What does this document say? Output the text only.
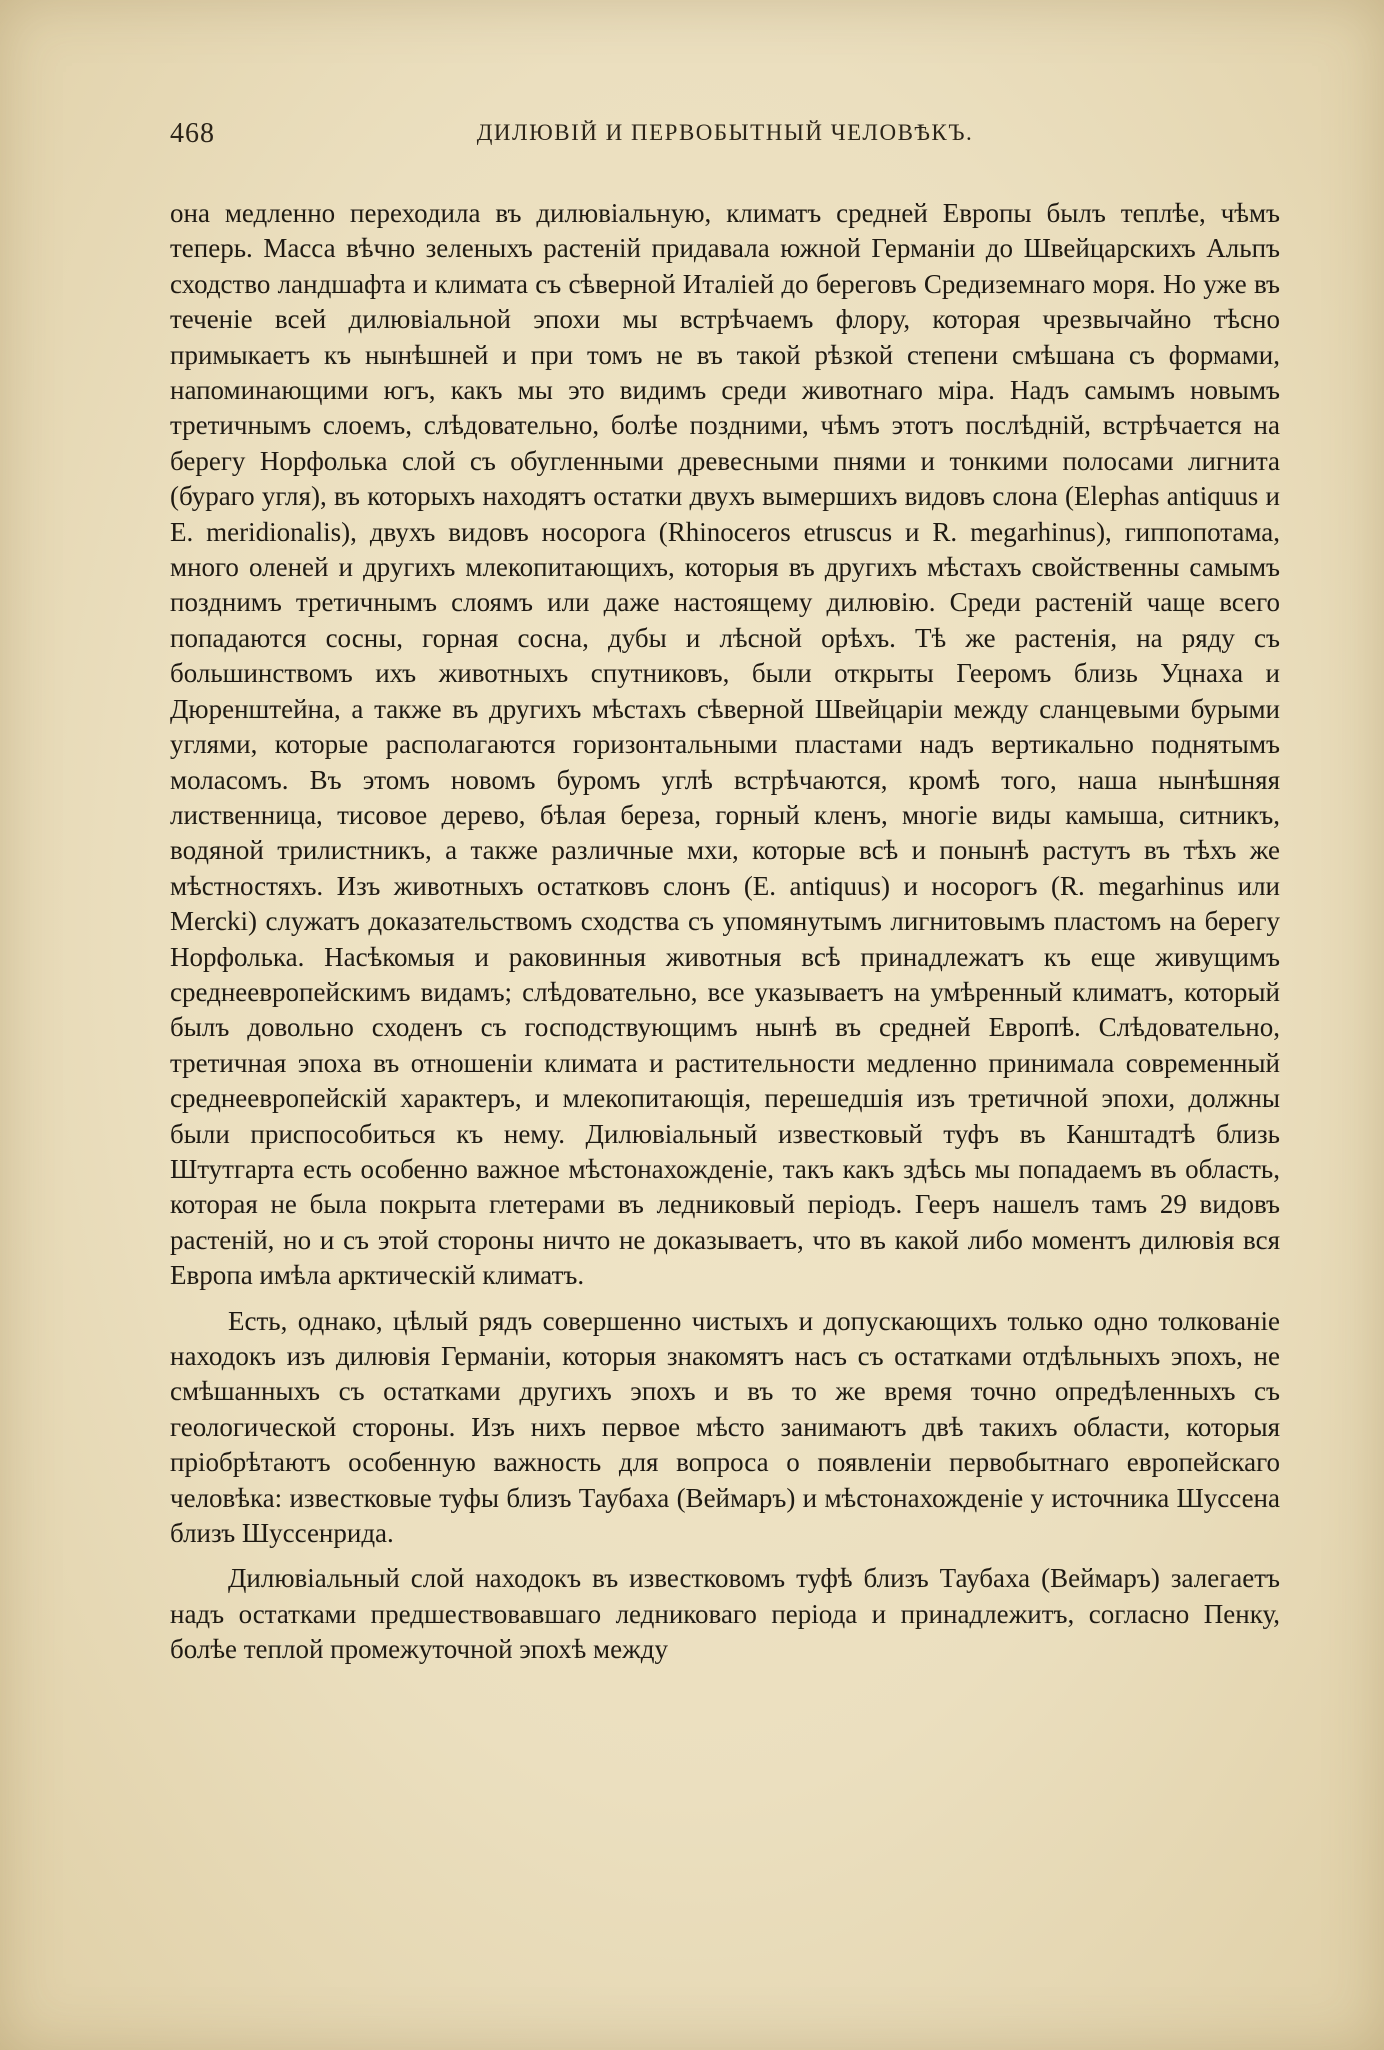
468	ДИЛЮВІЙ И ПЕРВОБЫТНЫЙ ЧЕЛОВѢКЪ.

она медленно переходила въ дилювіальную, климатъ средней Европы былъ теплѣе, чѣмъ теперь. Масса вѣчно зеленыхъ растеній придавала южной Германіи до Швейцарскихъ Альпъ сходство ландшафта и климата съ сѣверной Италіей до береговъ Средиземнаго моря. Но уже въ теченіе всей дилювіальной эпохи мы встрѣчаемъ флору, которая чрезвычайно тѣсно примыкаетъ къ нынѣшней и при томъ не въ такой рѣзкой степени смѣшана съ формами, напоминающими югъ, какъ мы это видимъ среди животнаго міра. Надъ самымъ новымъ третичнымъ слоемъ, слѣдовательно, болѣе поздними, чѣмъ этотъ послѣдній, встрѣчается на берегу Норфолька слой съ обугленными древесными пнями и тонкими полосами лигнита (бураго угля), въ которыхъ находятъ остатки двухъ вымершихъ видовъ слона (Elephas antiquus и E. meridionalis), двухъ видовъ носорога (Rhinoceros etruscus и R. megarhinus), гиппопотама, много оленей и другихъ млекопитающихъ, которыя въ другихъ мѣстахъ свойственны самымъ позднимъ третичнымъ слоямъ или даже настоящему дилювію. Среди растеній чаще всего попадаются сосны, горная сосна, дубы и лѣсной орѣхъ. Тѣ же растенія, на ряду съ большинствомъ ихъ животныхъ спутниковъ, были открыты Геeромъ близь Уцнаха и Дюренштейна, а также въ другихъ мѣстахъ сѣверной Швейцаріи между сланцевыми бурыми углями, которые располагаются горизонтальными пластами надъ вертикально поднятымъ моласомъ. Въ этомъ новомъ буромъ углѣ встрѣчаются, кромѣ того, наша нынѣшняя лиственница, тисовое дерево, бѣлая береза, горный кленъ, многіе виды камыша, ситникъ, водяной трилистникъ, а также различные мхи, которые всѣ и понынѣ растутъ въ тѣхъ же мѣстностяхъ. Изъ животныхъ остатковъ слонъ (E. antiquus) и носорогъ (R. megarhinus или Mercki) служатъ доказательствомъ сходства съ упомянутымъ лигнитовымъ пластомъ на берегу Норфолька. Насѣкомыя и раковинныя животныя всѣ принадлежатъ къ еще живущимъ среднеевропейскимъ видамъ; слѣдовательно, все указываетъ на умѣренный климатъ, который былъ довольно сходенъ съ господствующимъ нынѣ въ средней Европѣ. Слѣдовательно, третичная эпоха въ отношеніи климата и растительности медленно принимала современный среднеевропейскій характеръ, и млекопитающія, перешедшія изъ третичной эпохи, должны были приспособиться къ нему. Дилювіальный известковый туфъ въ Канштадтѣ близь Штутгарта есть особенно важное мѣстонахожденіе, такъ какъ здѣсь мы попадаемъ въ область, которая не была покрыта глетерами въ ледниковый періодъ. Геeръ нашелъ тамъ 29 видовъ растеній, но и съ этой стороны ничто не доказываетъ, что въ какой либо моментъ дилювія вся Европа имѣла арктическій климатъ.

Есть, однако, цѣлый рядъ совершенно чистыхъ и допускающихъ только одно толкованіе находокъ изъ дилювія Германіи, которыя знакомятъ насъ съ остатками отдѣльныхъ эпохъ, не смѣшанныхъ съ остатками другихъ эпохъ и въ то же время точно опредѣленныхъ съ геологической стороны. Изъ нихъ первое мѣсто занимаютъ двѣ такихъ области, которыя пріобрѣтаютъ особенную важность для вопроса о появленіи первобытнаго европейскаго человѣка: известковые туфы близъ Таубаха (Веймаръ) и мѣстонахожденіе у источника Шуссена близъ Шуссенрида.

Дилювіальный слой находокъ въ известковомъ туфѣ близъ Таубаха (Веймаръ) залегаетъ надъ остатками предшествовавшаго ледниковаго періода и принадлежитъ, согласно Пенку, болѣе теплой промежуточной эпохѣ между
